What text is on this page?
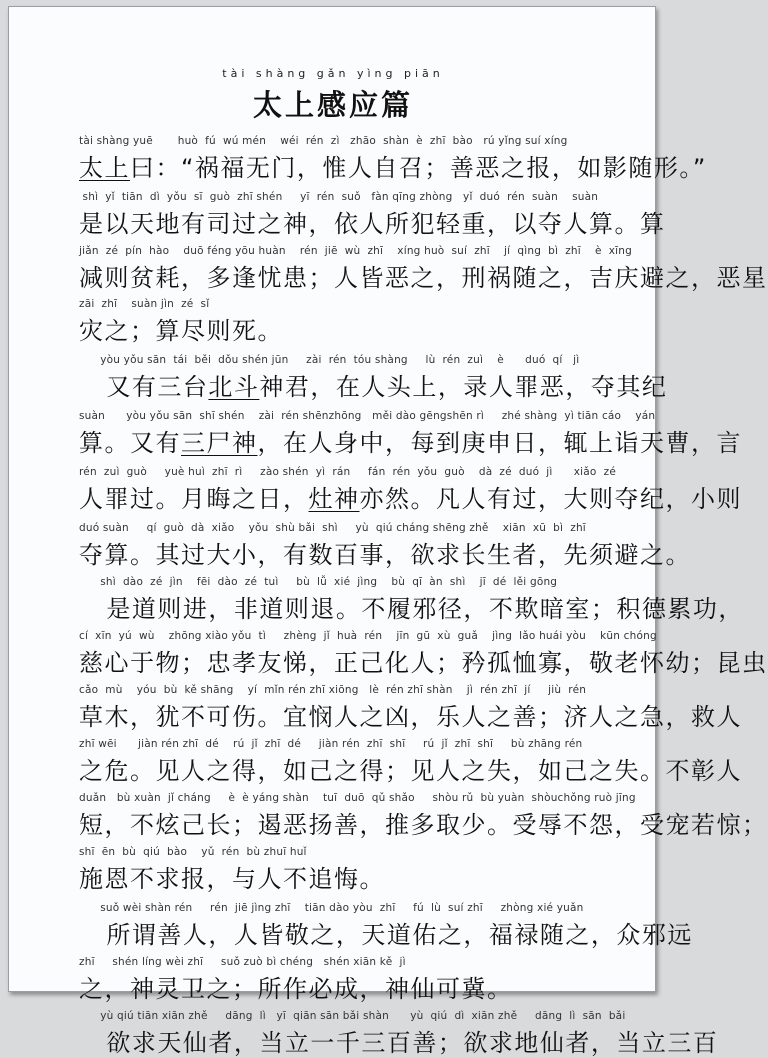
tài shàng gǎn yìng piān
太上感应篇
tài shàng yuē       huò  fú  wú mén    wéi  rén  zì   zhāo  shàn  è  zhī  bào   rú yǐng suí xíng
太上曰：“祸福无门，惟人自召；善恶之报，如影随形。”
shì  yǐ  tiān  dì  yǒu  sī  guò  zhī shén     yī  rén  suǒ   fàn qīng zhòng   yǐ  duó  rén  suàn    suàn
是以天地有司过之神，依人所犯轻重，以夺人算。算
jiǎn  zé  pín  hào    duō féng yōu huàn    rén  jiē  wù  zhī    xíng huò  suí  zhī    jí  qìng  bì  zhī    è  xīng
减则贫耗，多逢忧患；人皆恶之，刑祸随之，吉庆避之，恶星
zāi  zhī    suàn jìn  zé  sǐ
灾之；算尽则死。
yòu yǒu sān  tái  běi  dǒu shén jūn     zài  rén  tóu shàng     lù  rén  zuì    è      duó  qí   jì
又有三台北斗神君，在人头上，录人罪恶，夺其纪
suàn      yòu yǒu sān  shī shén    zài  rén shēnzhōng   měi dào gēngshēn rì     zhé shàng  yì tiān cáo    yán
算。又有三尸神，在人身中，每到庚申日，辄上诣天曹，言
rén  zuì  guò     yuè huì  zhī  rì     zào shén  yì  rán     fán  rén  yǒu  guò    dà  zé  duó  jì      xiǎo  zé
人罪过。月晦之日，灶神亦然。凡人有过，大则夺纪，小则
duó suàn     qí  guò  dà  xiǎo    yǒu  shù bǎi  shì     yù  qiú cháng shēng zhě    xiān  xū  bì  zhī
夺算。其过大小，有数百事，欲求长生者，先须避之。
shì  dào  zé  jìn    fēi  dào  zé  tuì     bù  lǚ  xié  jìng    bù  qī  àn  shì    jī  dé  lěi gōng
是道则进，非道则退。不履邪径，不欺暗室；积德累功，
cí  xīn  yú  wù    zhōng xiào yǒu  tì     zhèng  jǐ  huà  rén    jīn  gū  xù  guǎ    jìng  lǎo huái yòu    kūn chóng
慈心于物；忠孝友悌，正己化人；矜孤恤寡，敬老怀幼；昆虫
cǎo  mù    yóu  bù  kě shāng    yí  mǐn rén zhī xiōng   lè  rén zhī shàn    jì  rén zhī  jí     jiù  rén
草木，犹不可伤。宜悯人之凶，乐人之善；济人之急，救人
zhī wēi      jiàn rén zhī  dé    rú  jǐ  zhī  dé     jiàn rén  zhī  shī     rú  jǐ  zhī  shī     bù zhāng rén
之危。见人之得，如己之得；见人之失，如己之失。不彰人
duǎn   bù xuàn  jǐ cháng     è  è yáng shàn    tuī  duō  qǔ shǎo     shòu rǔ  bù yuàn  shòuchǒng ruò jīng
短，不炫己长；遏恶扬善，推多取少。受辱不怨，受宠若惊；
shī  ēn  bù  qiú  bào    yǔ  rén  bù zhuī huǐ
施恩不求报，与人不追悔。
suǒ wèi shàn rén     rén  jiē jìng zhī    tiān dào yòu  zhī     fú  lù  suí zhī     zhòng xié yuǎn
所谓善人，人皆敬之，天道佑之，福禄随之，众邪远
zhī     shén líng wèi zhī     suǒ zuò bì chéng   shén xiān kě  jì
之，神灵卫之；所作必成，神仙可冀。
yù qiú tiān xiān zhě     dāng  lì   yī  qiān sān bǎi shàn      yù  qiú  dì  xiān zhě     dāng  lì  sān  bǎi
欲求天仙者，当立一千三百善；欲求地仙者，当立三百
